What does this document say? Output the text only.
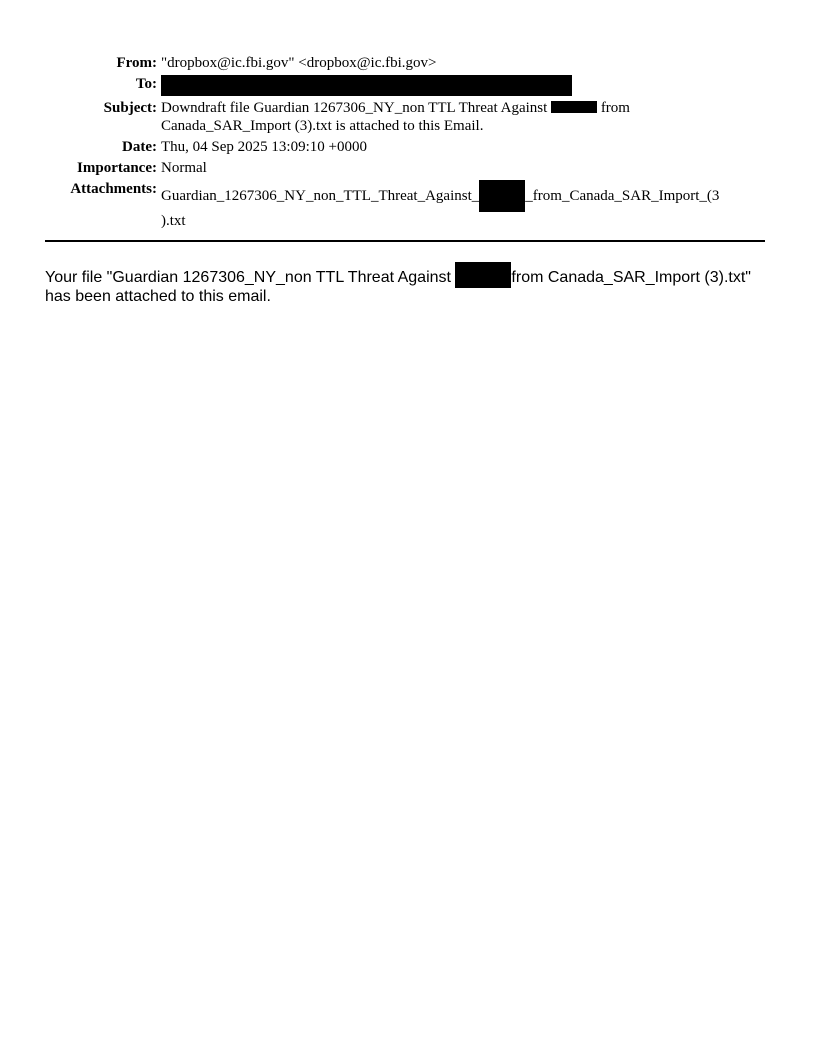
From: "dropbox@ic.fbi.gov" <dropbox@ic.fbi.gov>
To:
Subject: Downdraft file Guardian 1267306_NY_non TTL Threat Against	from
Canada_SAR_Import (3).txt is attached to this Email.
Date: Thu, 04 Sep 2025 13:09:10 +0000
Importance: Normal
Attachments: Guardian_1267306_NY_non_TTL_Threat_Against_	_from_Canada_SAR_Import_(3
).txt
Your file "Guardian 1267306_NY_non TTL Threat Against	from Canada_SAR_Import (3).txt"
has been attached to this email.
